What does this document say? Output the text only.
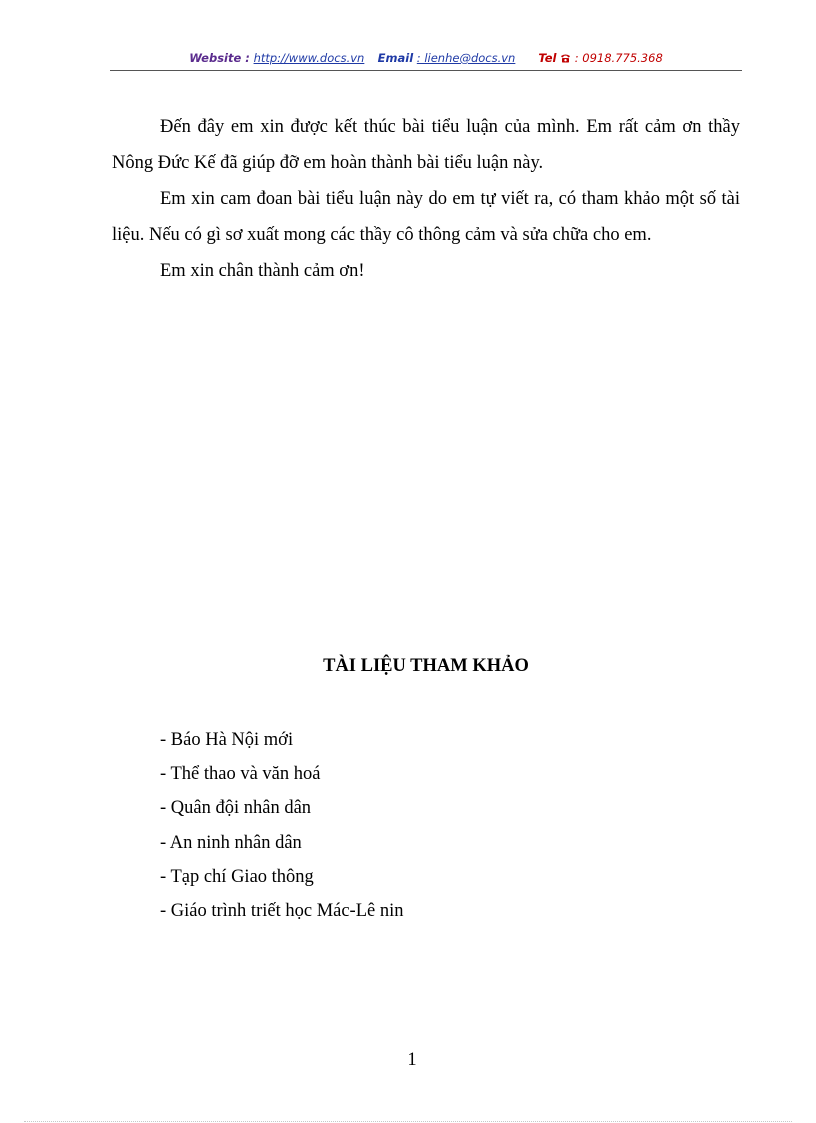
Website : http://www.docs.vn Email : lienhe@docs.vn Tel : 0918.775.368

Đến đây em xin được kết thúc bài tiểu luận của mình. Em rất cảm ơn thầy Nông Đức Kế đã giúp đỡ em hoàn thành bài tiểu luận này.

Em xin cam đoan bài tiểu luận này do em tự viết ra, có tham khảo một số tài liệu. Nếu có gì sơ xuất mong các thầy cô thông cảm và sửa chữa cho em.

Em xin chân thành cảm ơn!

TÀI LIỆU THAM KHẢO
- Báo Hà Nội mới
- Thể thao và văn hoá
- Quân đội nhân dân
- An ninh nhân dân
- Tạp chí Giao thông
- Giáo trình triết học Mác-Lê nin
1
